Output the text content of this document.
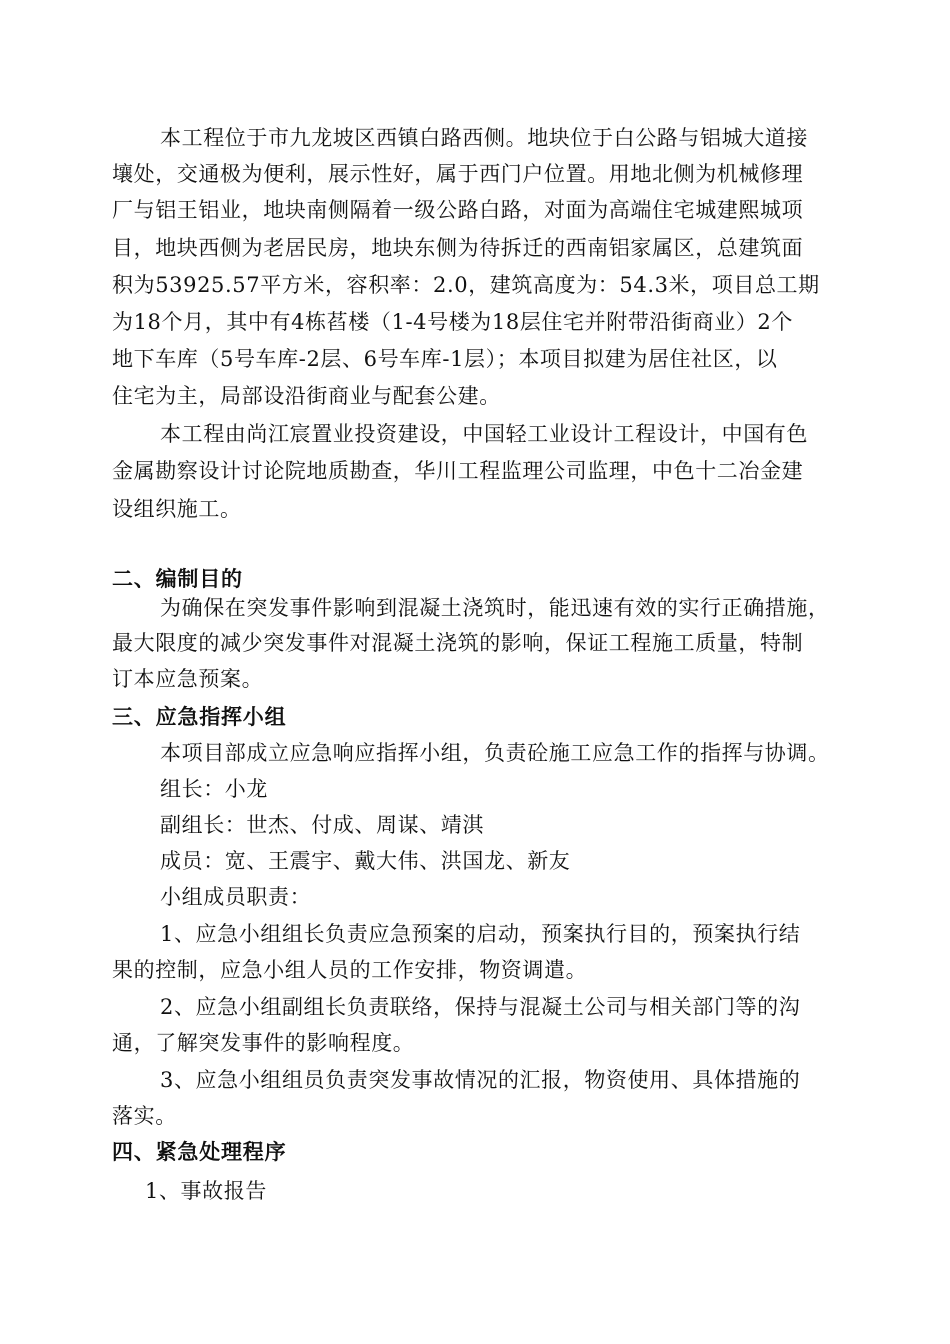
本工程位于市九龙坡区西镇白路西侧。地块位于白公路与铝城大道接
壤处，交通极为便利，展示性好，属于西门户位置。用地北侧为机械修理
厂与铝王铝业，地块南侧隔着一级公路白路，对面为高端住宅城建熙城项
目，地块西侧为老居民房，地块东侧为待拆迁的西南铝家属区，总建筑面
积为53925.57平方米，容积率：2.0，建筑高度为：54.3米，项目总工期
为18个月，其中有4栋萏楼（1-4号楼为18层住宅并附带沿街商业）2个
地下车库（5号车库-2层、6号车库-1层）；本项目拟建为居住社区，以
住宅为主，局部设沿街商业与配套公建。
本工程由尚江宸置业投资建设，中国轻工业设计工程设计，中国有色
金属勘察设计讨论院地质勘查，华川工程监理公司监理，中色十二冶金建
设组织施工。
二、编制目的
为确保在突发事件影响到混凝土浇筑时，能迅速有效的实行正确措施，
最大限度的减少突发事件对混凝土浇筑的影响，保证工程施工质量，特制
订本应急预案。
三、应急指挥小组
本项目部成立应急响应指挥小组，负责砼施工应急工作的指挥与协调。
组长：小龙
副组长：世杰、付成、周谋、靖淇
成员：宽、王震宇、戴大伟、洪国龙、新友
小组成员职责：
1、应急小组组长负责应急预案的启动，预案执行目的，预案执行结
果的控制，应急小组人员的工作安排，物资调遣。
2、应急小组副组长负责联络，保持与混凝土公司与相关部门等的沟
通，了解突发事件的影响程度。
3、应急小组组员负责突发事故情况的汇报，物资使用、具体措施的
落实。
四、紧急处理程序
1、事故报告
